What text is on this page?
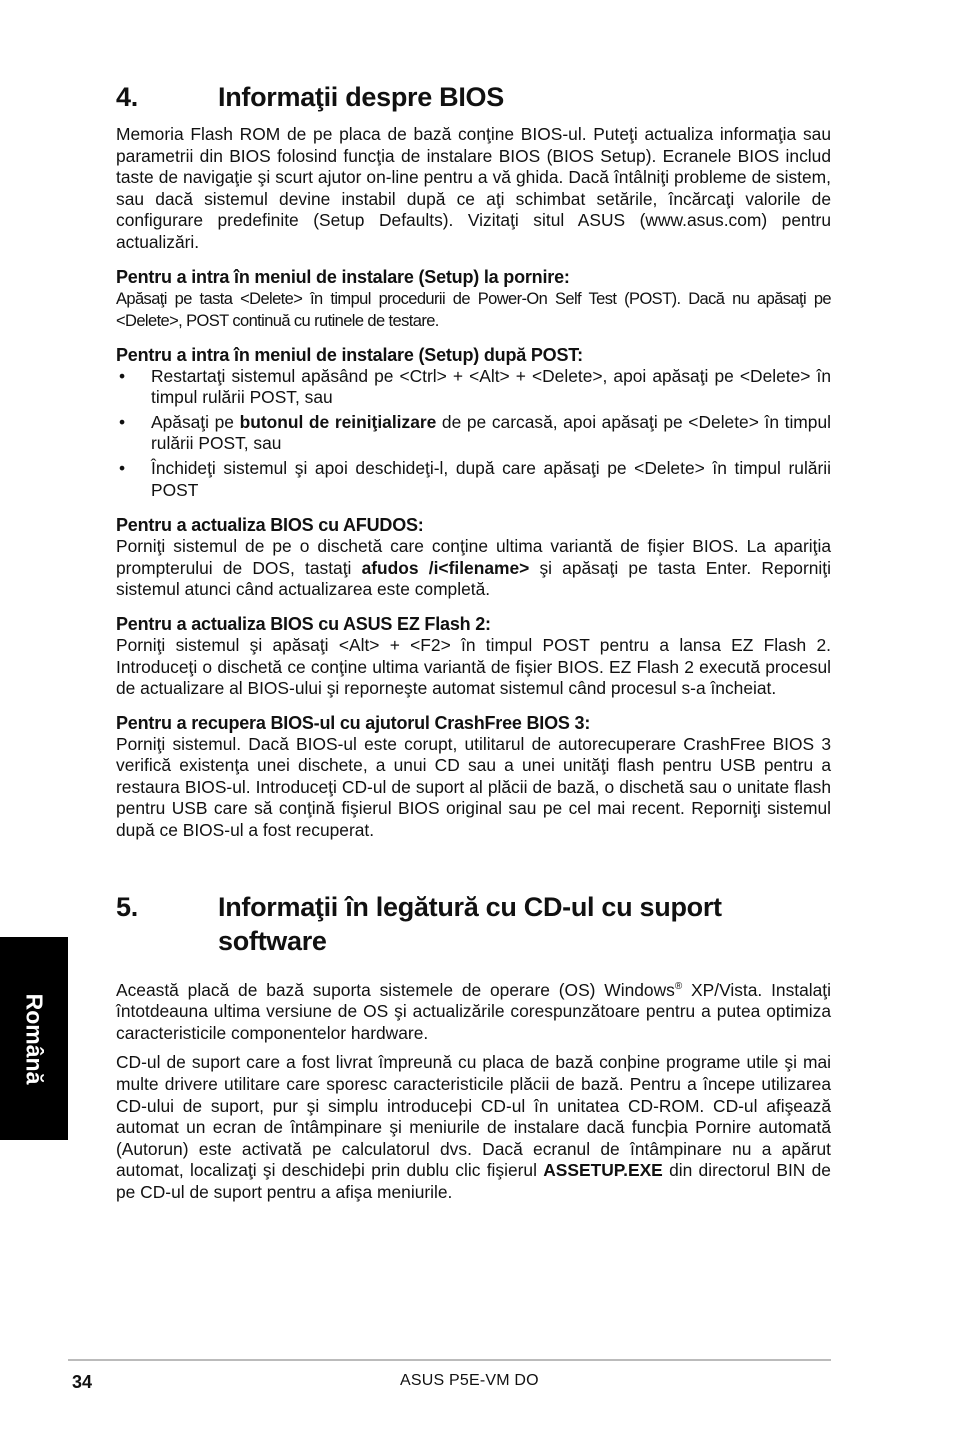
Română
4.	Informaţii despre BIOS

Memoria Flash ROM de pe placa de bază conţine BIOS-ul. Puteţi actualiza informaţia sau parametrii din BIOS folosind funcţia de instalare BIOS (BIOS Setup). Ecranele BIOS includ taste de navigaţie şi scurt ajutor on-line pentru a vă ghida. Dacă întâlniţi probleme de sistem, sau dacă sistemul devine instabil după ce aţi schimbat setările, încărcaţi valorile de configurare predefinite (Setup Defaults). Vizitaţi situl ASUS (www.asus.com) pentru actualizări.

Pentru a intra în meniul de instalare (Setup) la pornire:

Apăsaţi pe tasta <Delete> în timpul procedurii de Power-On Self Test (POST). Dacă nu apăsaţi pe <Delete>, POST continuă cu rutinele de testare.

Pentru a intra în meniul de instalare (Setup) după POST:
• Restartaţi sistemul apăsând pe <Ctrl> + <Alt> + <Delete>, apoi apăsaţi pe <Delete> în timpul rulării POST, sau
• Apăsaţi pe butonul de reiniţializare de pe carcasă, apoi apăsaţi pe <Delete> în timpul rulării POST, sau
• Închideţi sistemul şi apoi deschideţi-l, după care apăsaţi pe <Delete> în timpul rulării POST
Pentru a actualiza BIOS cu AFUDOS:

Porniţi sistemul de pe o dischetă care conţine ultima variantă de fişier BIOS. La apariţia prompterului de DOS, tastaţi afudos /i<filename> şi apăsaţi pe tasta Enter. Reporniţi sistemul atunci când actualizarea este completă.

Pentru a actualiza BIOS cu ASUS EZ Flash 2:

Porniţi sistemul şi apăsaţi <Alt> + <F2> în timpul POST pentru a lansa EZ Flash 2. Introduceţi o dischetă ce conţine ultima variantă de fişier BIOS. EZ Flash 2 execută procesul de actualizare al BIOS-ului şi reporneşte automat sistemul când procesul s-a încheiat.

Pentru a recupera BIOS-ul cu ajutorul CrashFree BIOS 3:

Porniţi sistemul. Dacă BIOS-ul este corupt, utilitarul de autorecuperare CrashFree BIOS 3 verifică existenţa unei dischete, a unui CD sau a unei unităţi flash pentru USB pentru a restaura BIOS-ul. Introduceţi CD-ul de suport al plăcii de bază, o dischetă sau o unitate flash pentru USB care să conţină fişierul BIOS original sau pe cel mai recent. Reporniţi sistemul după ce BIOS-ul a fost recuperat.

5.	Informaţii în legătură cu CD-ul cu suport software

Această placă de bază suporta sistemele de operare (OS) Windows® XP/Vista. Instalaţi întotdeauna ultima versiune de OS şi actualizările corespunzătoare pentru a putea optimiza caracteristicile componentelor hardware.

CD-ul de suport care a fost livrat împreună cu placa de bază conþine programe utile şi mai multe drivere utilitare care sporesc caracteristicile plăcii de bază. Pentru a începe utilizarea CD-ului de suport, pur şi simplu introduceþi CD-ul în unitatea CD-ROM. CD-ul afişează automat un ecran de întâmpinare şi meniurile de instalare dacă funcþia Pornire automată (Autorun) este activată pe calculatorul dvs. Dacă ecranul de întâmpinare nu a apărut automat, localizaţi şi deschideþi prin dublu clic fişierul ASSETUP.EXE din directorul BIN de pe CD-ul de suport pentru a afişa meniurile.

34	ASUS P5E-VM DO
